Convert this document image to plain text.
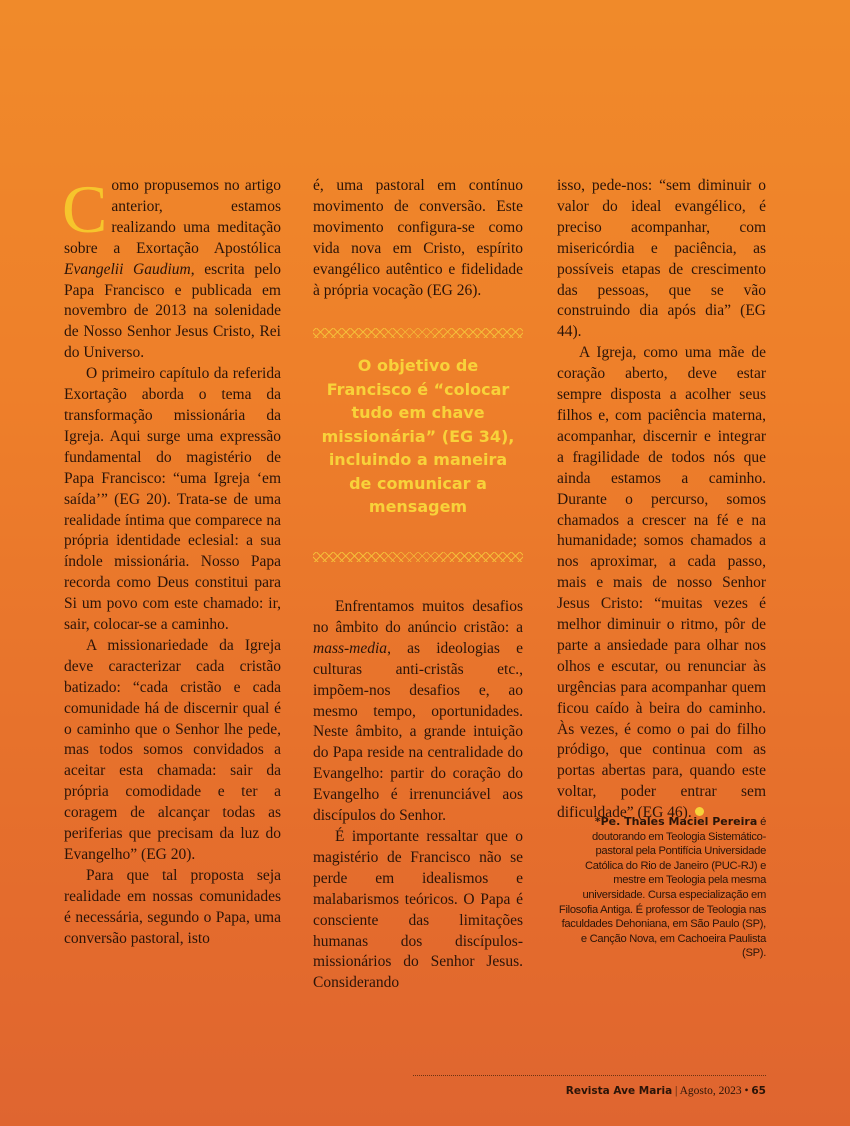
Como propusemos no artigo anterior, estamos realizando uma meditação sobre a Exortação Apostólica Evangelii Gaudium, escrita pelo Papa Francisco e publicada em novembro de 2013 na solenidade de Nosso Senhor Jesus Cristo, Rei do Universo.

O primeiro capítulo da referida Exortação aborda o tema da transformação missionária da Igreja. Aqui surge uma expressão fundamental do magistério de Papa Francisco: “uma Igreja ‘em saída’” (EG 20). Trata-se de uma realidade íntima que comparece na própria identidade eclesial: a sua índole missionária. Nosso Papa recorda como Deus constitui para Si um povo com este chamado: ir, sair, colocar-se a caminho.

A missionariedade da Igreja deve caracterizar cada cristão batizado: “cada cristão e cada comunidade há de discernir qual é o caminho que o Senhor lhe pede, mas todos somos convidados a aceitar esta chamada: sair da própria comodidade e ter a coragem de alcançar todas as periferias que precisam da luz do Evangelho” (EG 20).

Para que tal proposta seja realidade em nossas comunidades é necessária, segundo o Papa, uma conversão pastoral, isto

é, uma pastoral em contínuo movimento de conversão. Este movimento configura-se como vida nova em Cristo, espírito evangélico autêntico e fidelidade à própria vocação (EG 26).

O objetivo de Francisco é “colocar tudo em chave missionária” (EG 34), incluindo a maneira de comunicar a mensagem

Enfrentamos muitos desafios no âmbito do anúncio cristão: a mass-media, as ideologias e culturas anti-cristãs etc., impõem-nos desafios e, ao mesmo tempo, oportunidades. Neste âmbito, a grande intuição do Papa reside na centralidade do Evangelho: partir do coração do Evangelho é irrenunciável aos discípulos do Senhor.

É importante ressaltar que o magistério de Francisco não se perde em idealismos e malabarismos teóricos. O Papa é consciente das limitações humanas dos discípulos-missionários do Senhor Jesus. Considerando

isso, pede-nos: “sem diminuir o valor do ideal evangélico, é preciso acompanhar, com misericórdia e paciência, as possíveis etapas de crescimento das pessoas, que se vão construindo dia após dia” (EG 44).

A Igreja, como uma mãe de coração aberto, deve estar sempre disposta a acolher seus filhos e, com paciência materna, acompanhar, discernir e integrar a fragilidade de todos nós que ainda estamos a caminho. Durante o percurso, somos chamados a crescer na fé e na humanidade; somos chamados a nos aproximar, a cada passo, mais e mais de nosso Senhor Jesus Cristo: “muitas vezes é melhor diminuir o ritmo, pôr de parte a ansiedade para olhar nos olhos e escutar, ou renunciar às urgências para acompanhar quem ficou caído à beira do caminho. Às vezes, é como o pai do filho pródigo, que continua com as portas abertas para, quando este voltar, poder entrar sem dificuldade” (EG 46).

*Pe. Thales Maciel Pereira é doutorando em Teologia Sistemático-pastoral pela Pontifícia Universidade Católica do Rio de Janeiro (PUC-RJ) e mestre em Teologia pela mesma universidade. Cursa especialização em Filosofia Antiga. É professor de Teologia nas faculdades Dehoniana, em São Paulo (SP), e Canção Nova, em Cachoeira Paulista (SP).
Revista Ave Maria | Agosto, 2023 • 65
